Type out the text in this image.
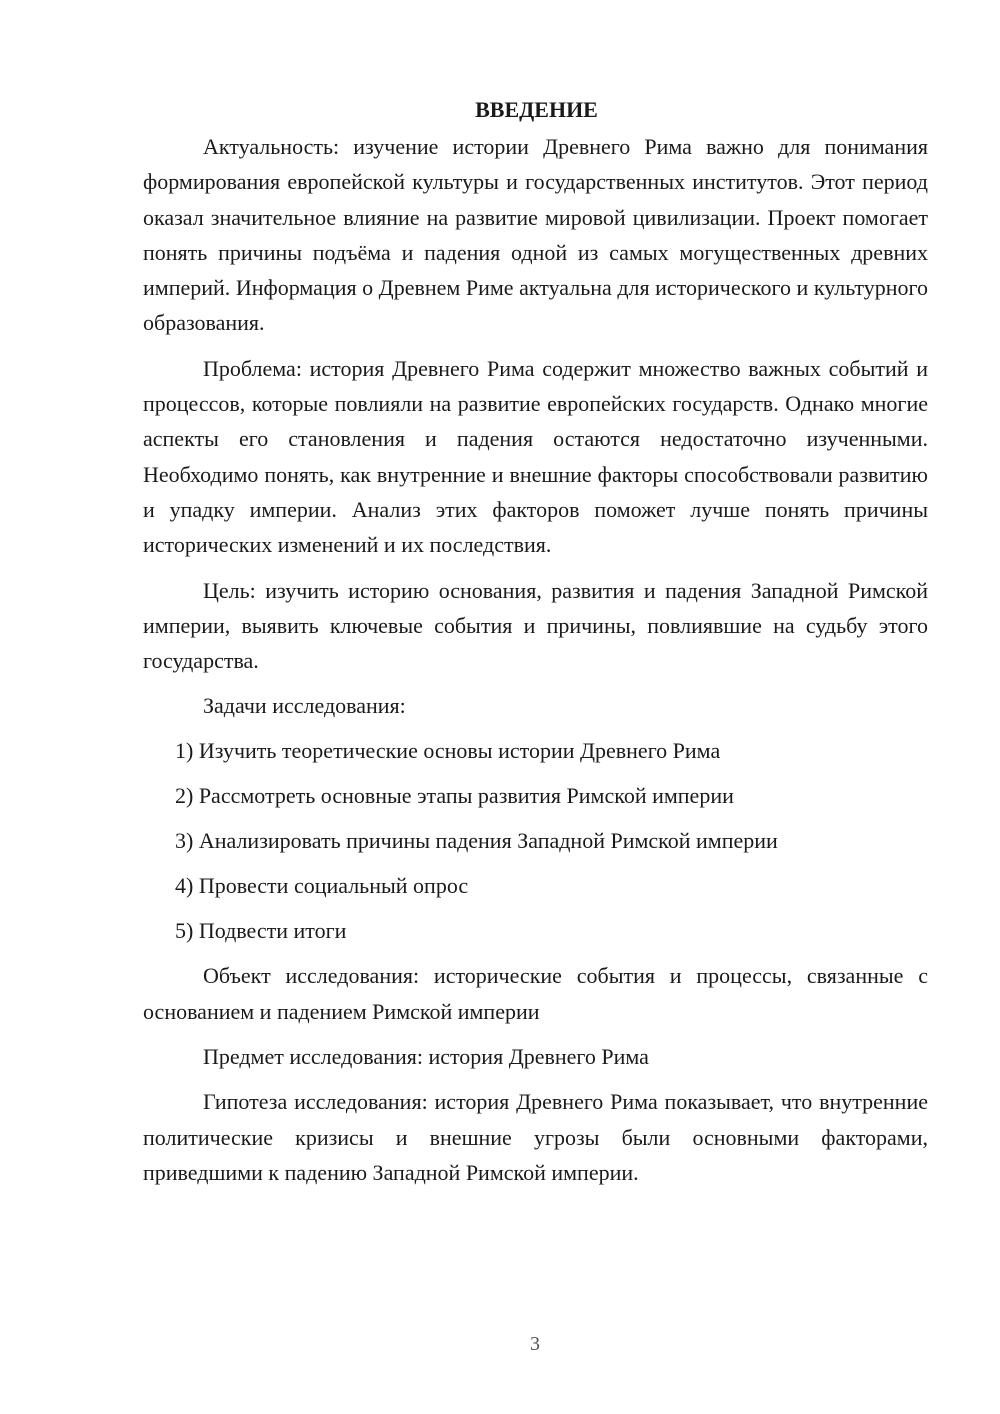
ВВЕДЕНИЕ

Актуальность: изучение истории Древнего Рима важно для понимания формирования европейской культуры и государственных институтов. Этот период оказал значительное влияние на развитие мировой цивилизации. Проект помогает понять причины подъёма и падения одной из самых могущественных древних империй. Информация о Древнем Риме актуальна для исторического и культурного образования.

Проблема: история Древнего Рима содержит множество важных событий и процессов, которые повлияли на развитие европейских государств. Однако многие аспекты его становления и падения остаются недостаточно изученными. Необходимо понять, как внутренние и внешние факторы способствовали развитию и упадку империи. Анализ этих факторов поможет лучше понять причины исторических изменений и их последствия.

Цель: изучить историю основания, развития и падения Западной Римской империи, выявить ключевые события и причины, повлиявшие на судьбу этого государства.

Задачи исследования:

1) Изучить теоретические основы истории Древнего Рима

2) Рассмотреть основные этапы развития Римской империи

3) Анализировать причины падения Западной Римской империи

4) Провести социальный опрос

5) Подвести итоги

Объект исследования: исторические события и процессы, связанные с основанием и падением Римской империи

Предмет исследования: история Древнего Рима

Гипотеза исследования: история Древнего Рима показывает, что внутренние политические кризисы и внешние угрозы были основными факторами, приведшими к падению Западной Римской империи.

3
